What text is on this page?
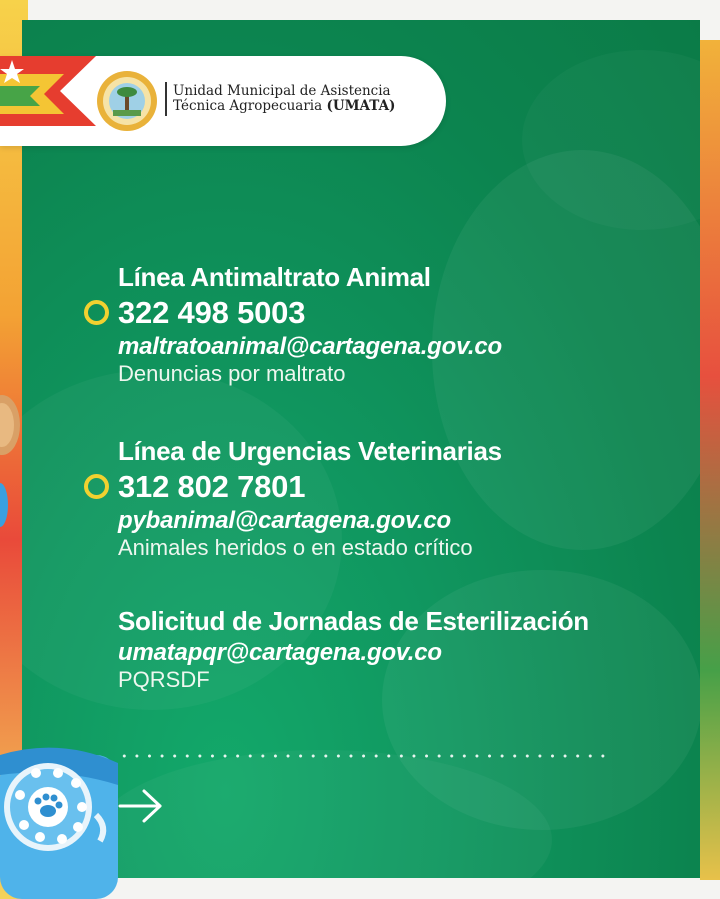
Unidad Municipal de Asistencia
Técnica Agropecuaria (UMATA)
Línea Antimaltrato Animal
322 498 5003
maltratoanimal@cartagena.gov.co
Denuncias por maltrato
Línea de Urgencias Veterinarias
312 802 7801
pybanimal@cartagena.gov.co
Animales heridos o en estado crítico
Solicitud de Jornadas de Esterilización
umatapqr@cartagena.gov.co
PQRSDF
